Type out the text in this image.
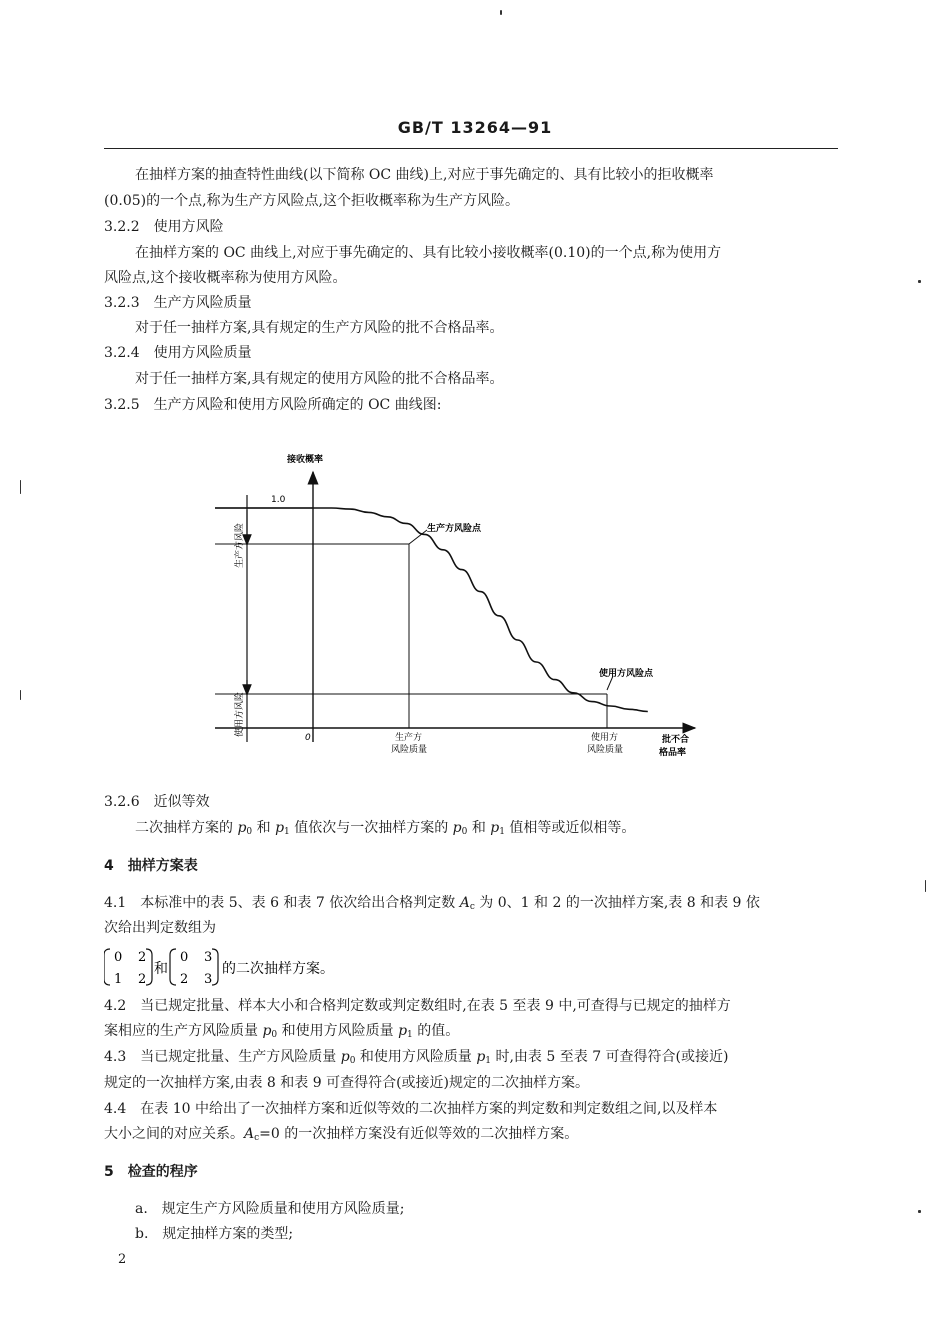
GB/T 13264—91
在抽样方案的抽查特性曲线(以下简称 OC 曲线)上,对应于事先确定的、具有比较小的拒收概率
(0.05)的一个点,称为生产方风险点,这个拒收概率称为生产方风险。
3.2.2　使用方风险
在抽样方案的 OC 曲线上,对应于事先确定的、具有比较小接收概率(0.10)的一个点,称为使用方
风险点,这个接收概率称为使用方风险。
3.2.3　生产方风险质量
对于任一抽样方案,具有规定的生产方风险的批不合格品率。
3.2.4　使用方风险质量
对于任一抽样方案,具有规定的使用方风险的批不合格品率。
3.2.5　生产方风险和使用方风险所确定的 OC 曲线图:
接收概率
1.0
生产方风险
使用方风险
生产方风险点
使用方风险点
0	生产方
风险质量
使用方
风险质量
批不合
格品率
3.2.6　近似等效
二次抽样方案的 $p_0$ 和 $p_1$ 值依次与一次抽样方案的 $p_0$ 和 $p_1$ 值相等或近似相等。
4　抽样方案表
4.1　本标准中的表 5、表 6 和表 7 依次给出合格判定数 $A_c$ 为 0、1 和 2 的一次抽样方案,表 8 和表 9 依
次给出判定数组为
0 2
1 2
和
0 3
2 3
的二次抽样方案。
4.2　当已规定批量、样本大小和合格判定数或判定数组时,在表 5 至表 9 中,可查得与已规定的抽样方
案相应的生产方风险质量 $p_0$ 和使用方风险质量 $p_1$ 的值。
4.3　当已规定批量、生产方风险质量 $p_0$ 和使用方风险质量 $p_1$ 时,由表 5 至表 7 可查得符合(或接近)
规定的一次抽样方案,由表 8 和表 9 可查得符合(或接近)规定的二次抽样方案。
4.4　在表 10 中给出了一次抽样方案和近似等效的二次抽样方案的判定数和判定数组之间,以及样本
大小之间的对应关系。$A_c=0$ 的一次抽样方案没有近似等效的二次抽样方案。
5　检查的程序
a.　规定生产方风险质量和使用方风险质量;
b.　规定抽样方案的类型;
2
